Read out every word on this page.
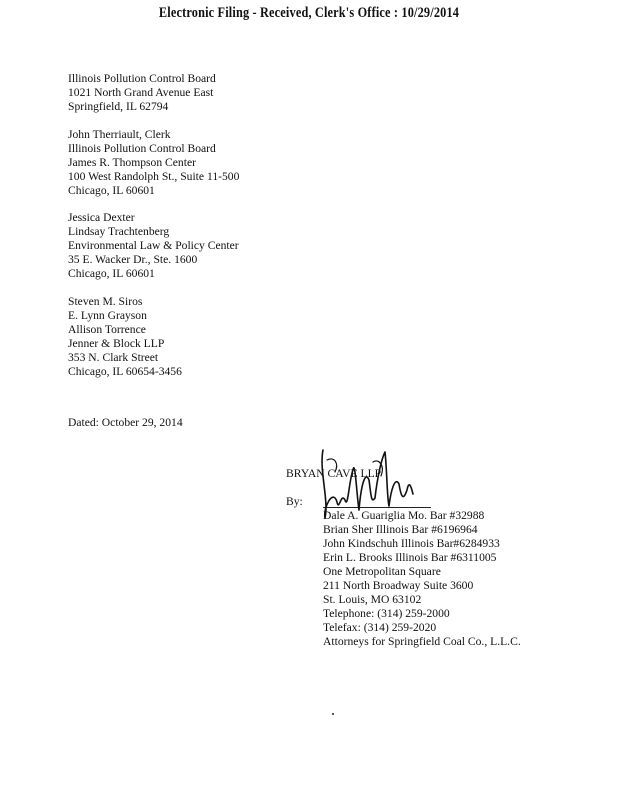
Electronic Filing - Received, Clerk's Office : 10/29/2014
Illinois Pollution Control Board
1021 North Grand Avenue East
Springfield, IL 62794
John Therriault, Clerk
Illinois Pollution Control Board
James R. Thompson Center
100 West Randolph St., Suite 11-500
Chicago, IL 60601
Jessica Dexter
Lindsay Trachtenberg
Environmental Law & Policy Center
35 E. Wacker Dr., Ste. 1600
Chicago, IL 60601
Steven M. Siros
E. Lynn Grayson
Allison Torrence
Jenner & Block LLP
353 N. Clark Street
Chicago, IL 60654-3456
Dated: October 29, 2014
BRYAN CAVE LLP
By:
Dale A. Guariglia Mo. Bar #32988
Brian Sher Illinois Bar #6196964
John Kindschuh Illinois Bar#6284933
Erin L. Brooks Illinois Bar #6311005
One Metropolitan Square
211 North Broadway Suite 3600
St. Louis, MO 63102
Telephone: (314) 259-2000
Telefax: (314) 259-2020
Attorneys for Springfield Coal Co., L.L.C.
